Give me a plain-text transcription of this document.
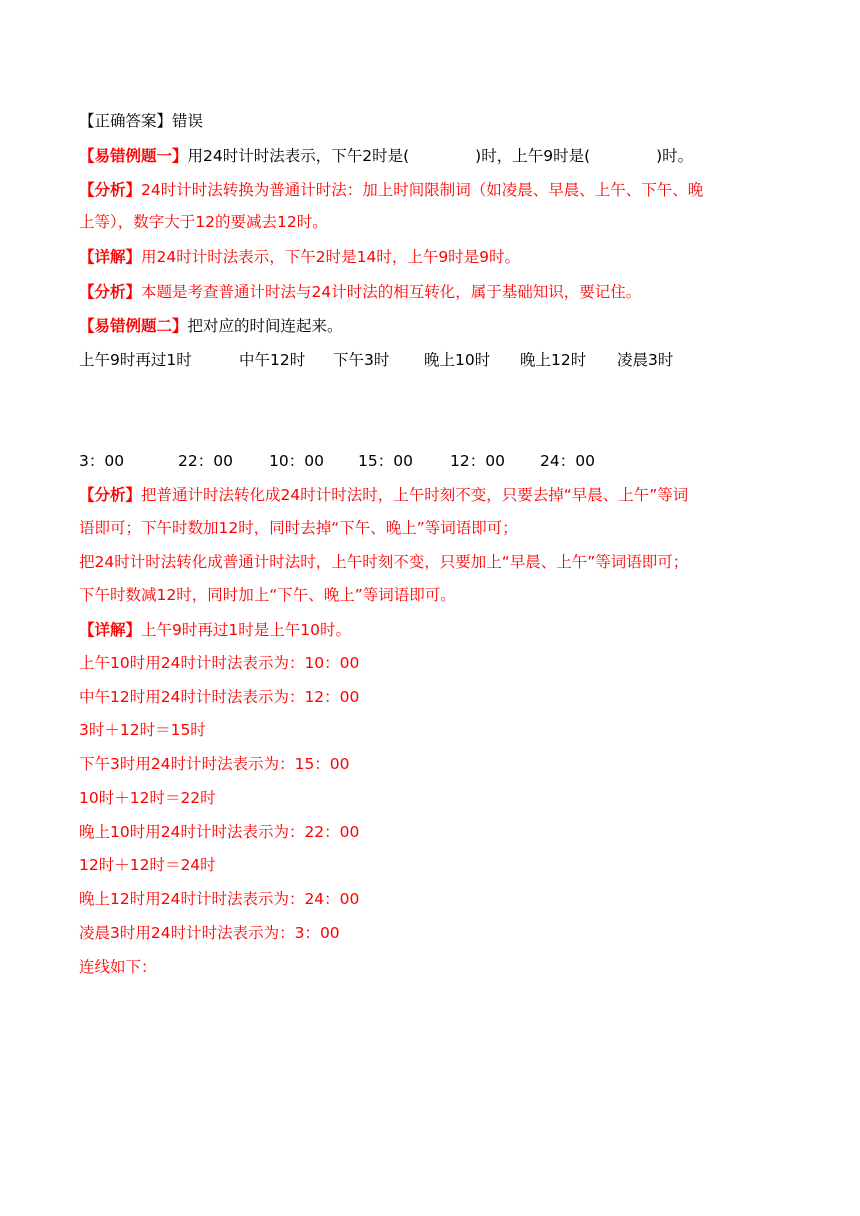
【正确答案】错误
【易错例题一】用24时计时法表示，下午2时是(	)时，上午9时是(	)时。
【分析】24时计时法转换为普通计时法：加上时间限制词（如凌晨、早晨、上午、下午、晚
上等），数字大于12的要减去12时。
【详解】用24时计时法表示，下午2时是14时，上午9时是9时。
【分析】本题是考查普通计时法与24计时法的相互转化，属于基础知识，要记住。
【易错例题二】把对应的时间连起来。
上午9时再过1时	中午12时 下午3时 晚上10时 晚上12时 凌晨3时
3：00	22：00 10：00 15：00 12：00 24：00
【分析】把普通计时法转化成24时计时法时，上午时刻不变，只要去掉“早晨、上午”等词
语即可；下午时数加12时，同时去掉“下午、晚上”等词语即可；
把24时计时法转化成普通计时法时，上午时刻不变，只要加上“早晨、上午”等词语即可；
下午时数减12时，同时加上“下午、晚上”等词语即可。
【详解】上午9时再过1时是上午10时。
上午10时用24时计时法表示为：10：00
中午12时用24时计时法表示为：12：00
3时＋12时＝15时
下午3时用24时计时法表示为：15：00
10时＋12时＝22时
晚上10时用24时计时法表示为：22：00
12时＋12时＝24时
晚上12时用24时计时法表示为：24：00
凌晨3时用24时计时法表示为：3：00
连线如下：
